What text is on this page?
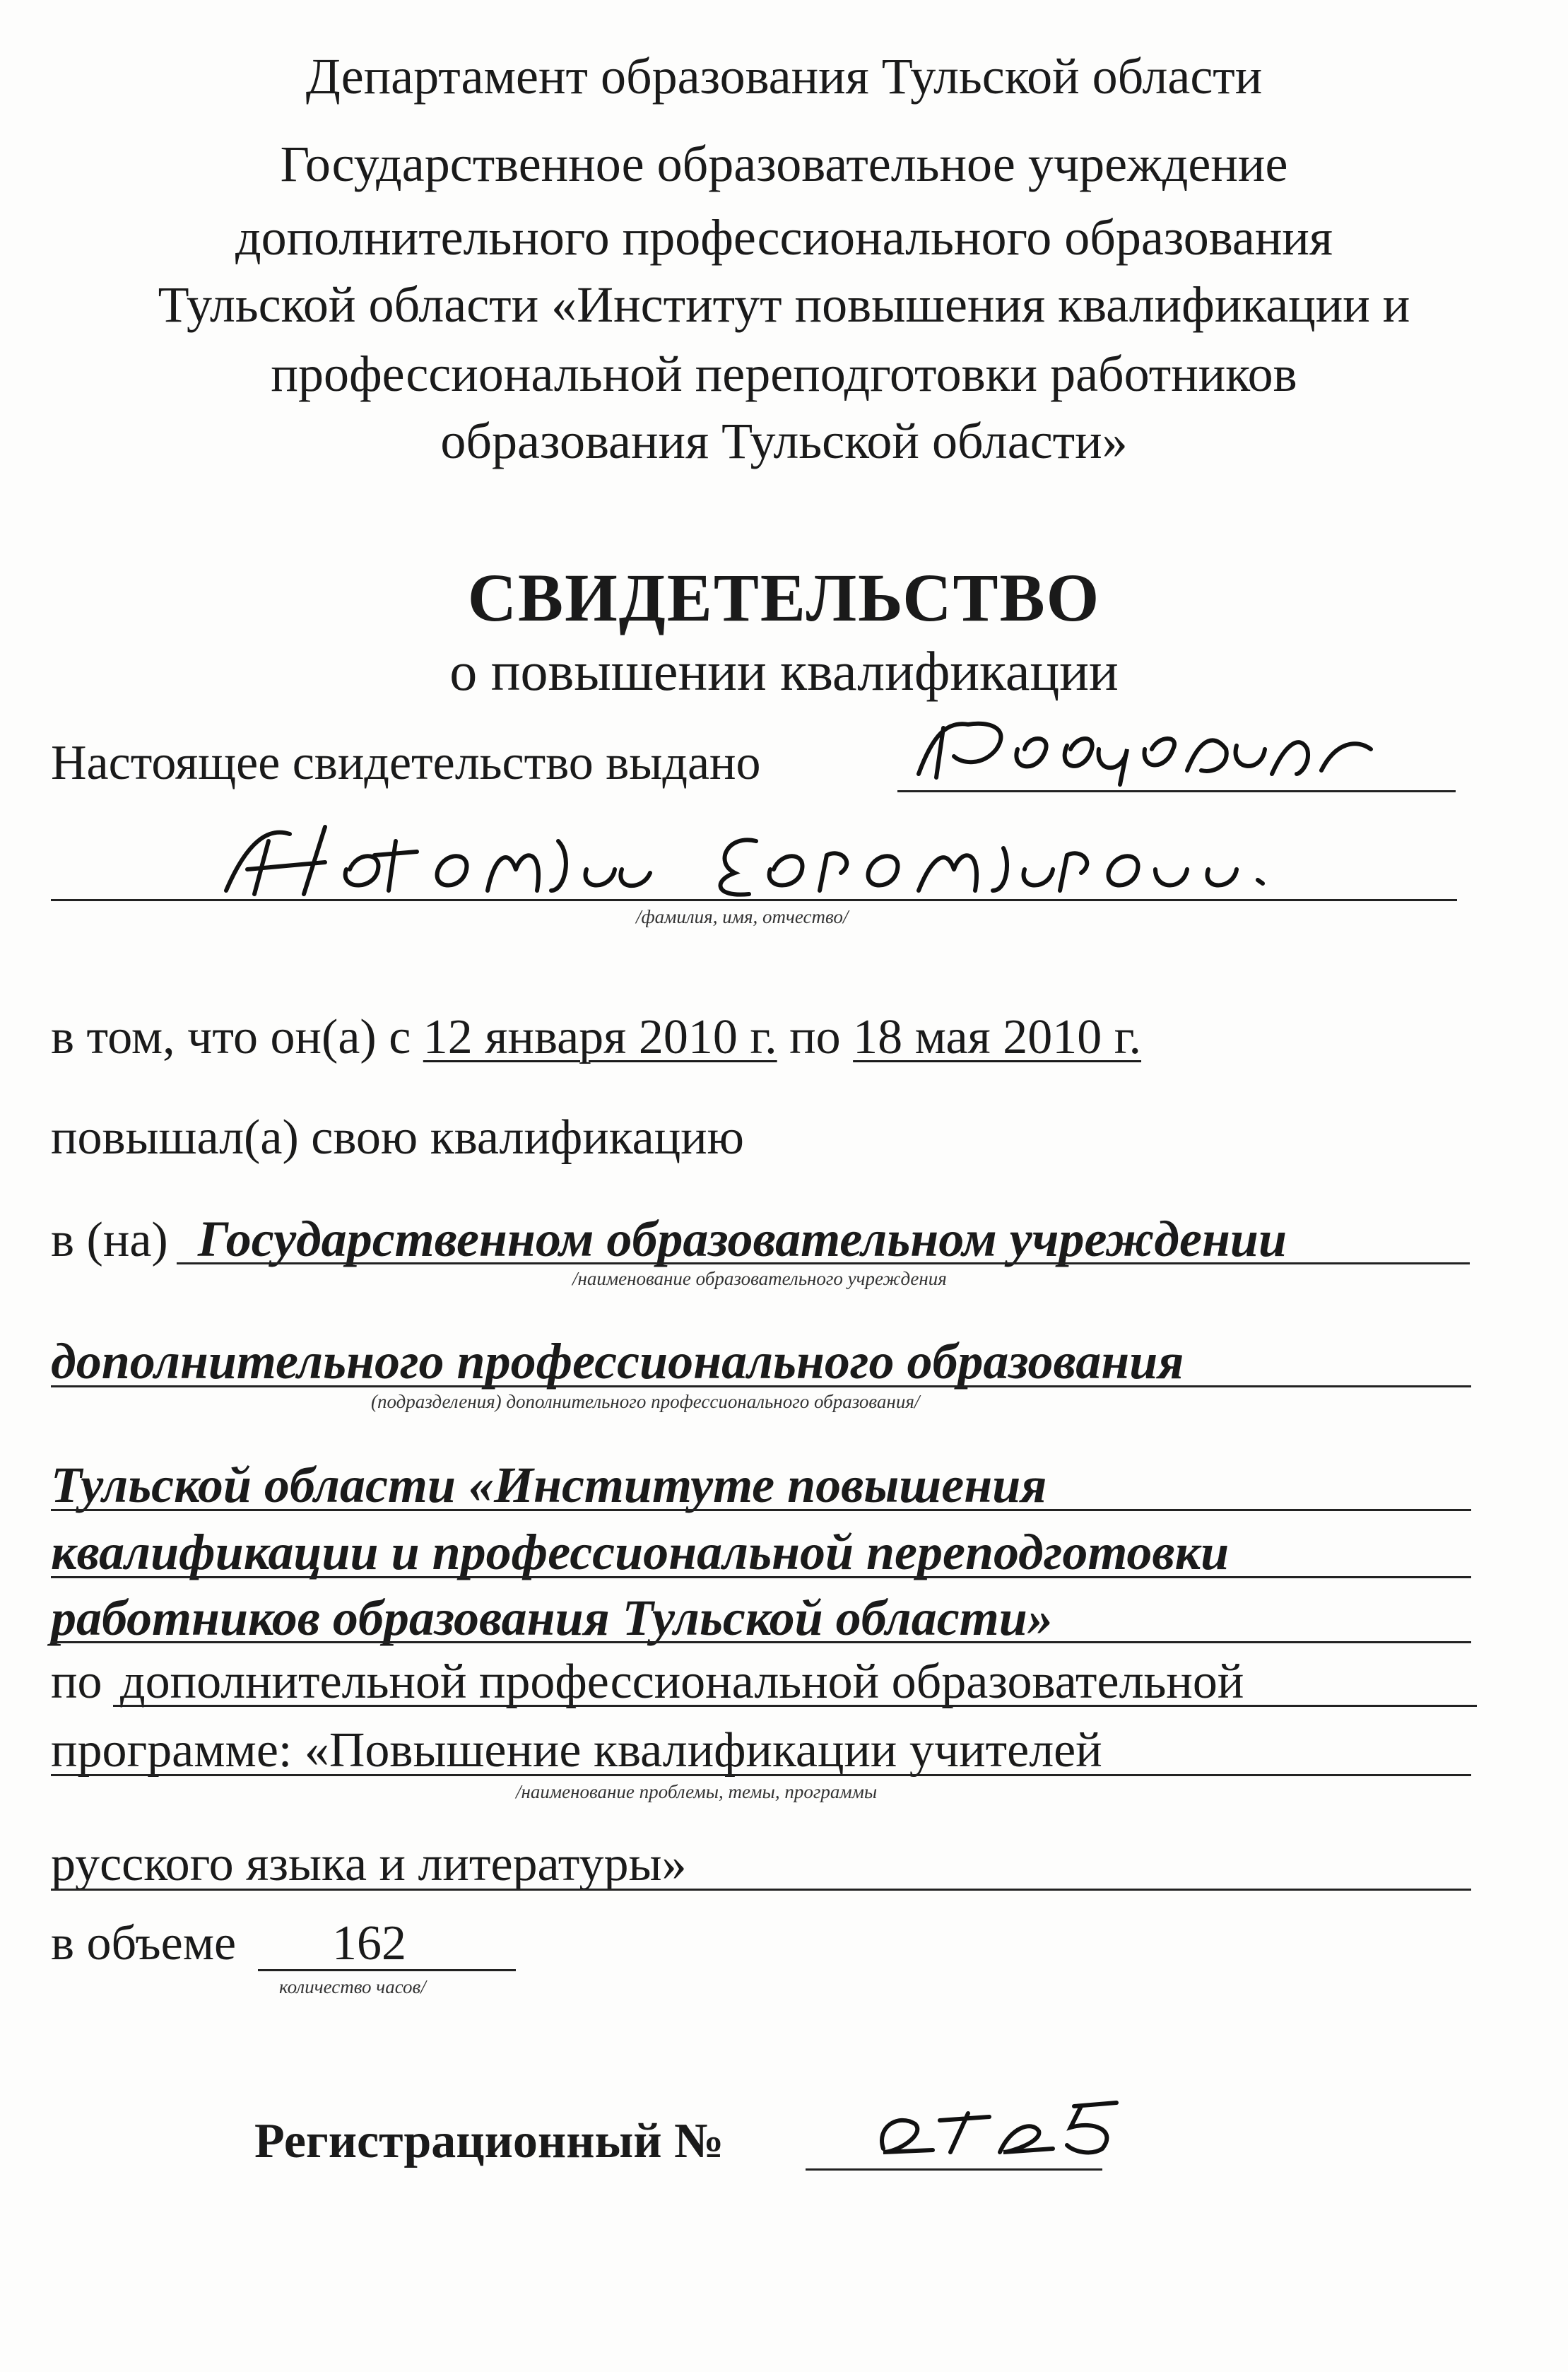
Департамент образования Тульской области
Государственное образовательное учреждение
дополнительного профессионального образования
Тульской области «Институт повышения квалификации и
профессиональной переподготовки работников
образования Тульской области»
СВИДЕТЕЛЬСТВО
о повышении квалификации
Настоящее свидетельство выдано
/фамилия, имя, отчество/
в том, что он(а) с 12 января 2010 г. по 18 мая 2010 г.
повышал(а) свою квалификацию
в (на) Государственном образовательном учреждении
/наименование образовательного учреждения
дополнительного профессионального образования
(подразделения) дополнительного профессионального образования/
Тульской области «Институте повышения
квалификации и профессиональной переподготовки
работников образования Тульской области»
по дополнительной профессиональной образовательной
программе: «Повышение квалификации учителей
/наименование проблемы, темы, программы
русского языка и литературы»
в объеме 162
количество часов/
Регистрационный №
